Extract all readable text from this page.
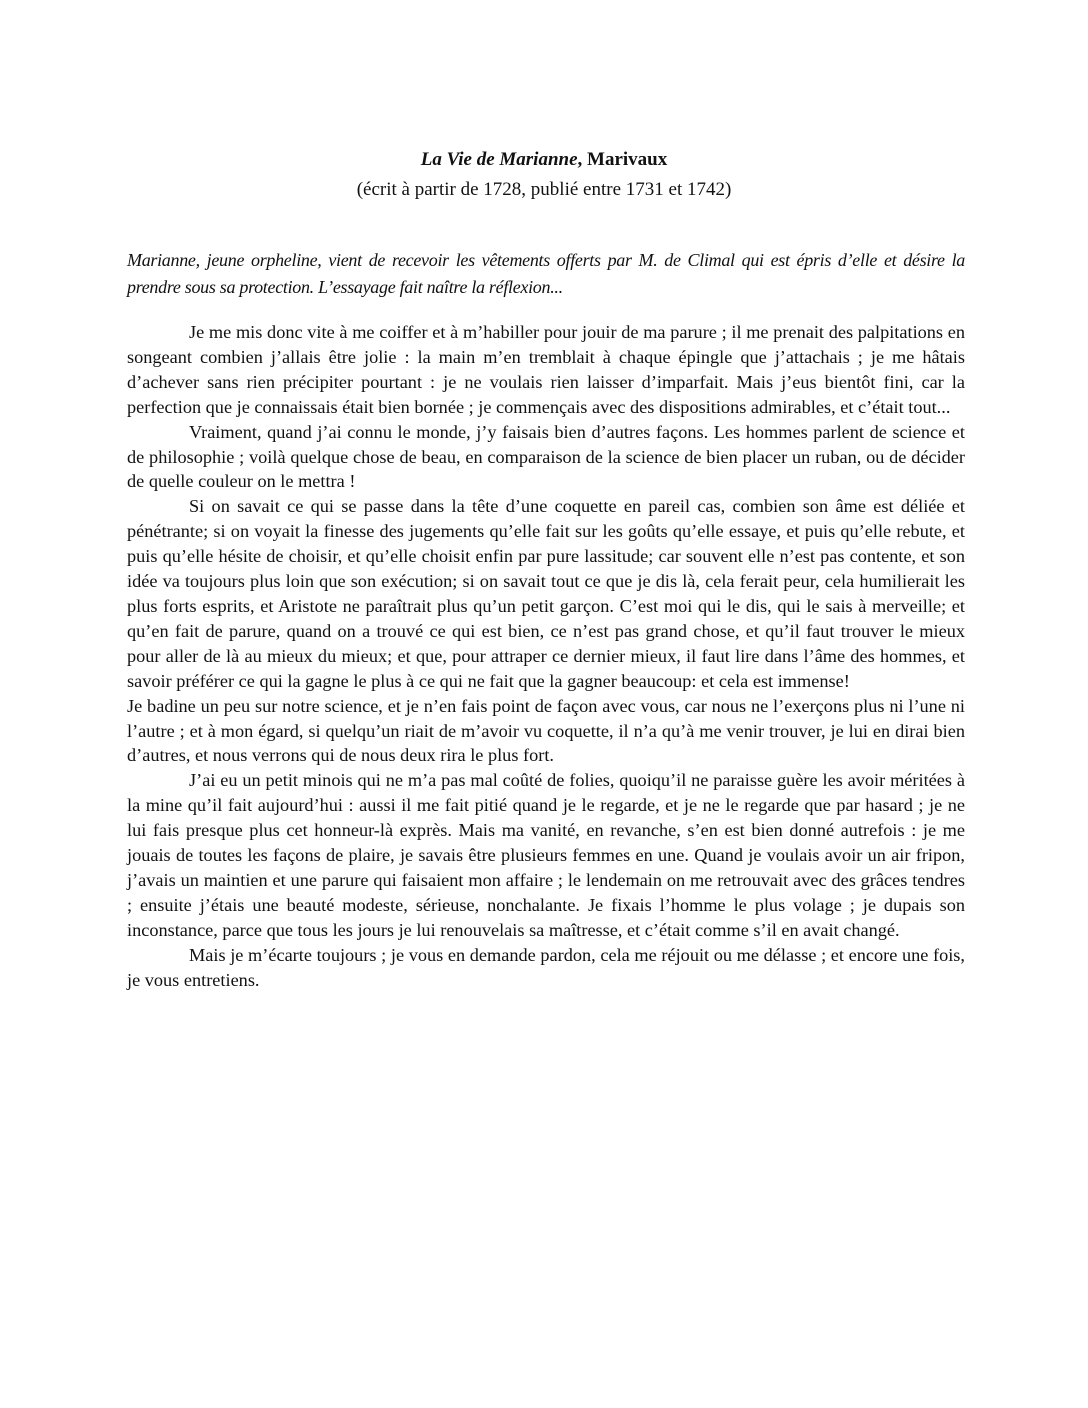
La Vie de Marianne, Marivaux
(écrit à partir de 1728, publié entre 1731 et 1742)
Marianne, jeune orpheline, vient de recevoir les vêtements offerts par M. de Climal qui est épris d’elle et désire la prendre sous sa protection. L’essayage fait naître la réflexion...

Je me mis donc vite à me coiffer et à m’habiller pour jouir de ma parure ; il me prenait des palpitations en songeant combien j’allais être jolie : la main m’en tremblait à chaque épingle que j’attachais ; je me hâtais d’achever sans rien précipiter pourtant : je ne voulais rien laisser d’imparfait. Mais j’eus bientôt fini, car la perfection que je connaissais était bien bornée ; je commençais avec des dispositions admirables, et c’était tout...

Vraiment, quand j’ai connu le monde, j’y faisais bien d’autres façons. Les hommes parlent de science et de philosophie ; voilà quelque chose de beau, en comparaison de la science de bien placer un ruban, ou de décider de quelle couleur on le mettra !

Si on savait ce qui se passe dans la tête d’une coquette en pareil cas, combien son âme est déliée et pénétrante; si on voyait la finesse des jugements qu’elle fait sur les goûts qu’elle essaye, et puis qu’elle rebute, et puis qu’elle hésite de choisir, et qu’elle choisit enfin par pure lassitude; car souvent elle n’est pas contente, et son idée va toujours plus loin que son exécution; si on savait tout ce que je dis là, cela ferait peur, cela humilierait les plus forts esprits, et Aristote ne paraîtrait plus qu’un petit garçon. C’est moi qui le dis, qui le sais à merveille; et qu’en fait de parure, quand on a trouvé ce qui est bien, ce n’est pas grand chose, et qu’il faut trouver le mieux pour aller de là au mieux du mieux; et que, pour attraper ce dernier mieux, il faut lire dans l’âme des hommes, et savoir préférer ce qui la gagne le plus à ce qui ne fait que la gagner beaucoup: et cela est immense!

Je badine un peu sur notre science, et je n’en fais point de façon avec vous, car nous ne l’exerçons plus ni l’une ni l’autre ; et à mon égard, si quelqu’un riait de m’avoir vu coquette, il n’a qu’à me venir trouver, je lui en dirai bien d’autres, et nous verrons qui de nous deux rira le plus fort.

J’ai eu un petit minois qui ne m’a pas mal coûté de folies, quoiqu’il ne paraisse guère les avoir méritées à la mine qu’il fait aujourd’hui : aussi il me fait pitié quand je le regarde, et je ne le regarde que par hasard ; je ne lui fais presque plus cet honneur-là exprès. Mais ma vanité, en revanche, s’en est bien donné autrefois : je me jouais de toutes les façons de plaire, je savais être plusieurs femmes en une. Quand je voulais avoir un air fripon, j’avais un maintien et une parure qui faisaient mon affaire ; le lendemain on me retrouvait avec des grâces tendres ; ensuite j’étais une beauté modeste, sérieuse, nonchalante. Je fixais l’homme le plus volage ; je dupais son inconstance, parce que tous les jours je lui renouvelais sa maîtresse, et c’était comme s’il en avait changé.

Mais je m’écarte toujours ; je vous en demande pardon, cela me réjouit ou me délasse ; et encore une fois, je vous entretiens.
